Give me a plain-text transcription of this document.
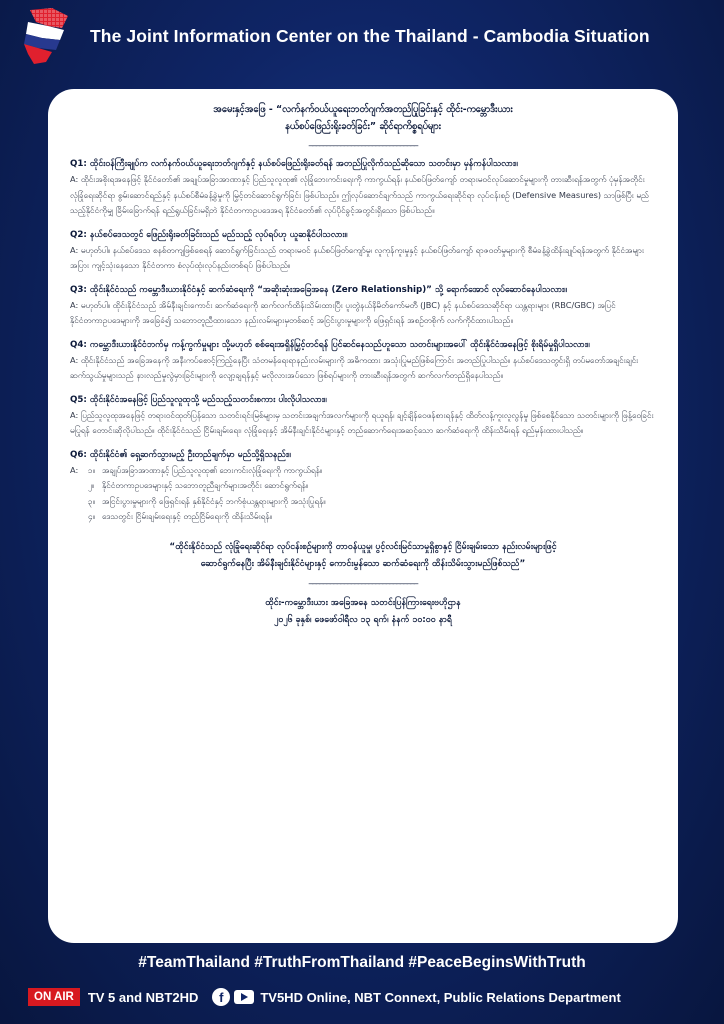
The Joint Information Center on the Thailand - Cambodia Situation
အမေးနှင့်အဖြေ - “လက်နက်ဝယ်ယူရေးဘတ်ဂျက်အတည်ပြုခြင်းနှင့် ထိုင်း-ကမ္ဘောဒီးယား
နယ်စပ်ဖြေည်းရိုးခတ်ခြင်း” ဆိုင်ရာကိစ္စရပ်များ
_______________________________
Q1: ထိုင်းဝန်ကြီးချုပ်က လက်နက်ဝယ်ယူရေးဘတ်ဂျက်နှင့် နယ်စပ်ဖြေည်းရိုးခတ်ရန် အတည်ပြုလိုက်သည်ဆိုသော သတင်းမှာ မှန်ကန်ပါသလား။
A: ထိုင်းအစိုးရအနေဖြင့် နိုင်ငံတော်၏ အချုပ်အခြာအာဏာနှင့် ပြည်သူလူထု၏ လုံခြုံဘေးကင်းရေးကို ကာကွယ်ရန်၊ နယ်စပ်ဖြတ်ကျော် တရားမဝင်လုပ်ဆောင်မှုများကို တားဆီးရန်အတွက် ပုံမှန်အတိုင်း လုံခြုံရေးဆိုင်ရာ စွမ်းဆောင်ရည်နှင့် နယ်စပ်စီမံခန့်ခွဲမှုကို မြှင့်တင်ဆောင်ရွက်ခြင်း ဖြစ်ပါသည်။ ဤလုပ်ဆောင်ချက်သည် ကာကွယ်ရေးဆိုင်ရာ လုပ်ငန်းစဉ် (Defensive Measures) သာဖြစ်ပြီး မည်သည့်နိုင်ငံကိုမျှ ခြိမ်းခြောက်ရန် ရည်ရွယ်ခြင်းမရှိဘဲ နိုင်ငံတကာဥပဒေအရ နိုင်ငံတော်၏ လုပ်ပိုင်ခွင့်အတွင်းရှိသော ဖြစ်ပါသည်။
Q2: နယ်စပ်ဒေသတွင် ဖြေည်းရိုးခတ်ခြင်းသည် မည်သည့် လုပ်ရပ်ဟု ယူဆနိုင်ပါသလား။
A: မဟုတ်ပါ။ နယ်စပ်ဒေသ စနစ်တကျဖြစ်စေရန် ဆောင်ရွက်ခြင်းသည် တရားမဝင် နယ်စပ်ဖြတ်ကျော်မှု၊ လူကုန်ကူးမှုနှင့် နယ်စပ်ဖြတ်ကျော် ရာဇဝတ်မှုများကို စီမံခန့်ခွဲထိန်းချုပ်ရန်အတွက် နိုင်ငံအများအပြား ကျင့်သုံးနေသော နိုင်ငံတကာ စံလုပ်ထုံးလုပ်နည်းတစ်ရပ် ဖြစ်ပါသည်။
Q3: ထိုင်းနိုင်ငံသည် ကမ္ဘောဒီးယားနိုင်ငံနှင့် ဆက်ဆံရေးကို “အဆိုးဆုံးအခြေအနေ (Zero Relationship)” သို့ ရောက်အောင် လုပ်ဆောင်နေပါသလား။
A: မဟုတ်ပါ။ ထိုင်းနိုင်ငံသည် အိမ်နီးချင်းကောင်း ဆက်ဆံရေးကို ဆက်လက်ထိန်းသိမ်းထားပြီး ပူးတွဲနယ်နိမိတ်ကော်မတီ (JBC) နှင့် နယ်စပ်ဒေသဆိုင်ရာ ယန္တရားများ (RBC/GBC) အပြင် နိုင်ငံတကာဥပဒေများကို အခြေခံ၍ သဘောတူညီထားသော နည်းလမ်းများမှတစ်ဆင့် အငြင်းပွားမှုများကို ဖြေရှင်းရန် အစဉ်တစိုက် လက်ကိုင်ထားပါသည်။
Q4: ကမ္ဘောဒီးယားနိုင်ငံဘက်မှ ကန့်ကွက်မှုများ သို့မဟုတ် စစ်ရေးအရှိန်မြှင့်တင်ရန် ပြင်ဆင်နေသည်ဟူသော သတင်းများအပေါ် ထိုင်းနိုင်ငံအနေဖြင့် စိုးရိမ်မှုရှိပါသလား။
A: ထိုင်းနိုင်ငံသည် အခြေအနေကို အနီးကပ်စောင့်ကြည့်နေပြီး သံတမန်ရေးရာနည်းလမ်းများကို အဓိကထား အသုံးပြုမည်ဖြစ်ကြောင်း အတည်ပြုပါသည်။ နယ်စပ်ဒေသတွင်းရှိ တပ်မတော်အချင်းချင်း ဆက်သွယ်မှုများသည် နားလည်မှုလွဲမှားခြင်းများကို လျော့ချရန်နှင့် မလိုလားအပ်သော ဖြစ်ရပ်များကို တားဆီးရန်အတွက် ဆက်လက်တည်ရှိနေပါသည်။
Q5: ထိုင်းနိုင်ငံအနေဖြင့် ပြည်သူလူထုသို့ မည်သည့်သတင်းစကား ပါးလိုပါသလား။
A: ပြည်သူလူထုအနေဖြင့် တရားဝင်ထုတ်ပြန်သော သတင်းရင်းမြစ်များမှ သတင်းအချက်အလက်များကို ရယူရန်၊ ချင့်ချိန်ဝေဖန်စားရန်နှင့် ထိတ်လန့်ကူးလူလွန်မှု ဖြစ်စေနိုင်သော သတင်းများကို ဖြန့်ဝေခြင်းမပြုရန် တောင်းဆိုလိုပါသည်။ ထိုင်းနိုင်ငံသည် ငြိမ်းချမ်းရေး၊ လုံခြုံရေးနှင့် အိမ်နီးချင်းနိုင်ငံများနှင့် တည်ဆောက်ရေးအဆင့်သော ဆက်ဆံရေးကို ထိန်းသိမ်းရန် ရည်မှန်းထားပါသည်။
Q6: ထိုင်းနိုင်ငံ၏ ရှေ့ဆက်သွားမည့် ဦးတည်ချက်မှာ မည်သို့ရှိသနည်း။
A: ၁။ အချုပ်အခြာအာဏာနှင့် ပြည်သူလူထု၏ ဘေးကင်းလုံခြုံရေးကို ကာကွယ်ရန်။
၂။ နိုင်ငံတကာဥပဒေများနှင့် သဘောတူညီချက်များအတိုင်း ဆောင်ရွက်ရန်။
၃။ အငြင်းပွားမှုများကို ဖြေရှင်းရန် နှစ်နိုင်ငံနှင့် ဘက်စုံယန္တရားများကို အသုံးပြုရန်။
၄။ ဒေသတွင်း ငြိမ်းချမ်းရေးနှင့် တည်ငြိမ်ရေးကို ထိန်းသိမ်းရန်။
“ထိုင်းနိုင်ငံသည် လုံခြုံရေးဆိုင်ရာ လုပ်ငန်းစဉ်များကို တာဝန်ယူမှု၊ ပွင့်လင်းမြင်သာမှုရှိစွာနှင့် ငြိမ်းချမ်းသော နည်းလမ်းများဖြင့်
ဆောင်ရွက်နေပြီး အိမ်နီးချင်းနိုင်ငံများနှင့် ကောင်းမွန်သော ဆက်ဆံရေးကို ထိန်းသိမ်းသွားမည်ဖြစ်သည်”
_______________________________
ထိုင်း-ကမ္ဘောဒီးယား အခြေအနေ သတင်းပြန်ကြားရေးဗဟိုဌာန
၂၀၂၆ ခုနှစ်၊ ဖေဖော်ဝါရီလ ၁၃ ရက်၊ နံနက် ၁၀:၀၀ နာရီ
#TeamThailand #TruthFromThailand #PeaceBeginsWithTruth
ON AIR	TV 5 and NBT2HD	f	TV5HD Online, NBT Connext, Public Relations Department
